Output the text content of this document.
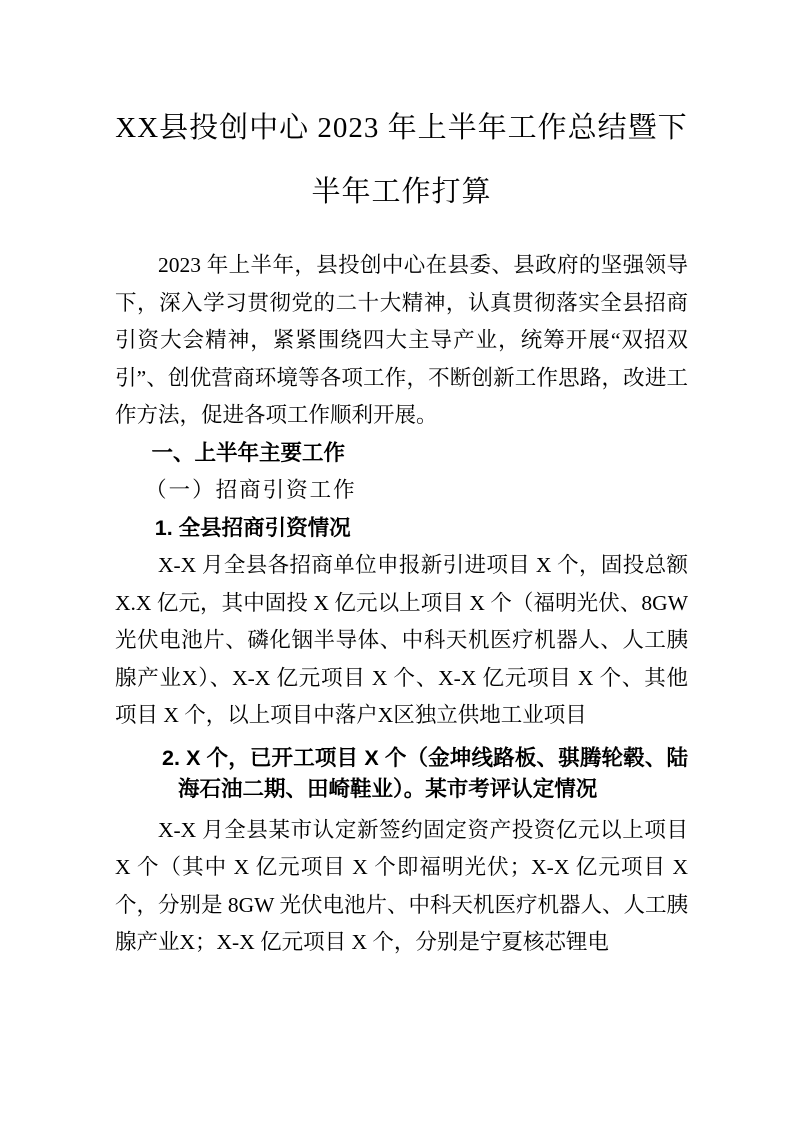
XX县投创中心 2023 年上半年工作总结暨下
半年工作打算

2023 年上半年，县投创中心在县委、县政府的坚强领导下，深入学习贯彻党的二十大精神，认真贯彻落实全县招商引资大会精神，紧紧围绕四大主导产业，统筹开展“双招双引”、创优营商环境等各项工作，不断创新工作思路，改进工作方法，促进各项工作顺利开展。

一、上半年主要工作
（一）招商引资工作
1. 全县招商引资情况

X-X 月全县各招商单位申报新引进项目 X 个，固投总额 X.X 亿元，其中固投 X 亿元以上项目 X 个（福明光伏、8GW 光伏电池片、磷化铟半导体、中科天机医疗机器人、人工胰腺产业X）、X-X 亿元项目 X 个、X-X 亿元项目 X 个、其他项目 X 个，以上项目中落户X区独立供地工业项目

2. X 个，已开工项目 X 个（金坤线路板、骐腾轮毂、陆海石油二期、田崎鞋业）。某市考评认定情况

X-X 月全县某市认定新签约固定资产投资亿元以上项目 X 个（其中 X 亿元项目 X 个即福明光伏；X-X 亿元项目 X 个，分别是 8GW 光伏电池片、中科天机医疗机器人、人工胰腺产业X；X-X 亿元项目 X 个，分别是宁夏核芯锂电
